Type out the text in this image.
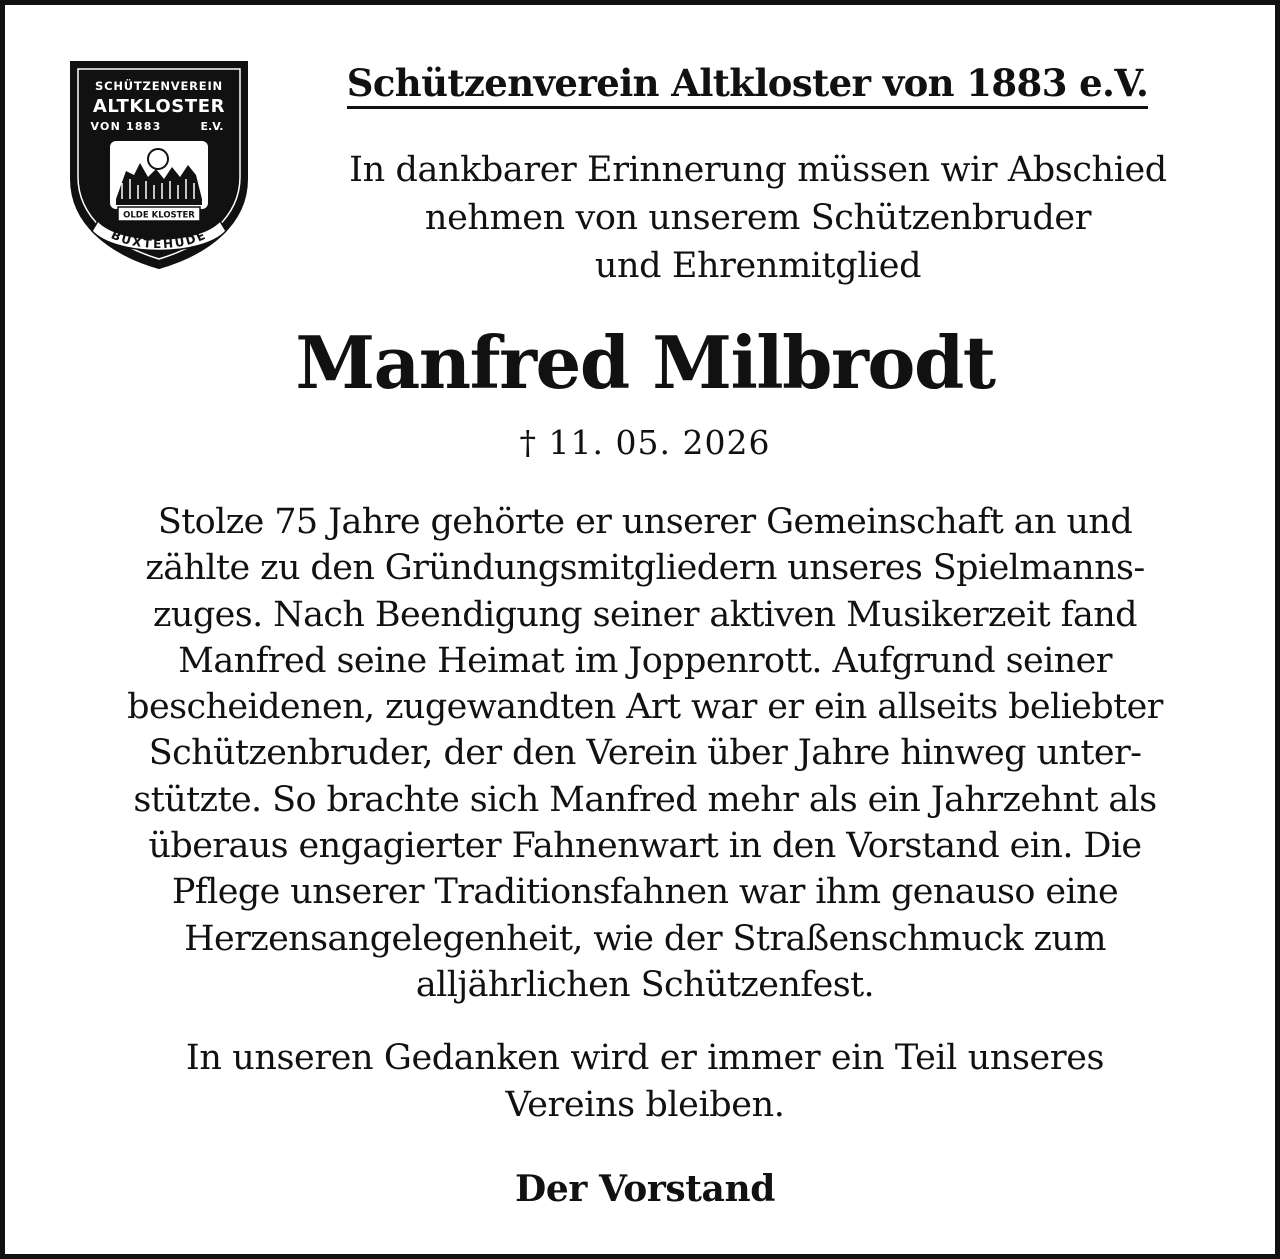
SCHÜTZENVEREIN
ALTKLOSTER
VON 1883	E.V.
OLDE KLOSTER
BUXTEHUDE
Schützenverein Altkloster von 1883 e.V.
In dankbarer Erinnerung müssen wir Abschied
nehmen von unserem Schützenbruder
und Ehrenmitglied
Manfred Milbrodt
† 11. 05. 2026
Stolze 75 Jahre gehörte er unserer Gemeinschaft an und
zählte zu den Gründungsmitgliedern unseres Spielmanns-
zuges. Nach Beendigung seiner aktiven Musikerzeit fand
Manfred seine Heimat im Joppenrott. Aufgrund seiner
bescheidenen, zugewandten Art war er ein allseits beliebter
Schützenbruder, der den Verein über Jahre hinweg unter-
stützte. So brachte sich Manfred mehr als ein Jahrzehnt als
überaus engagierter Fahnenwart in den Vorstand ein. Die
Pflege unserer Traditionsfahnen war ihm genauso eine
Herzensangelegenheit, wie der Straßenschmuck zum
alljährlichen Schützenfest.
In unseren Gedanken wird er immer ein Teil unseres
Vereins bleiben.
Der Vorstand
